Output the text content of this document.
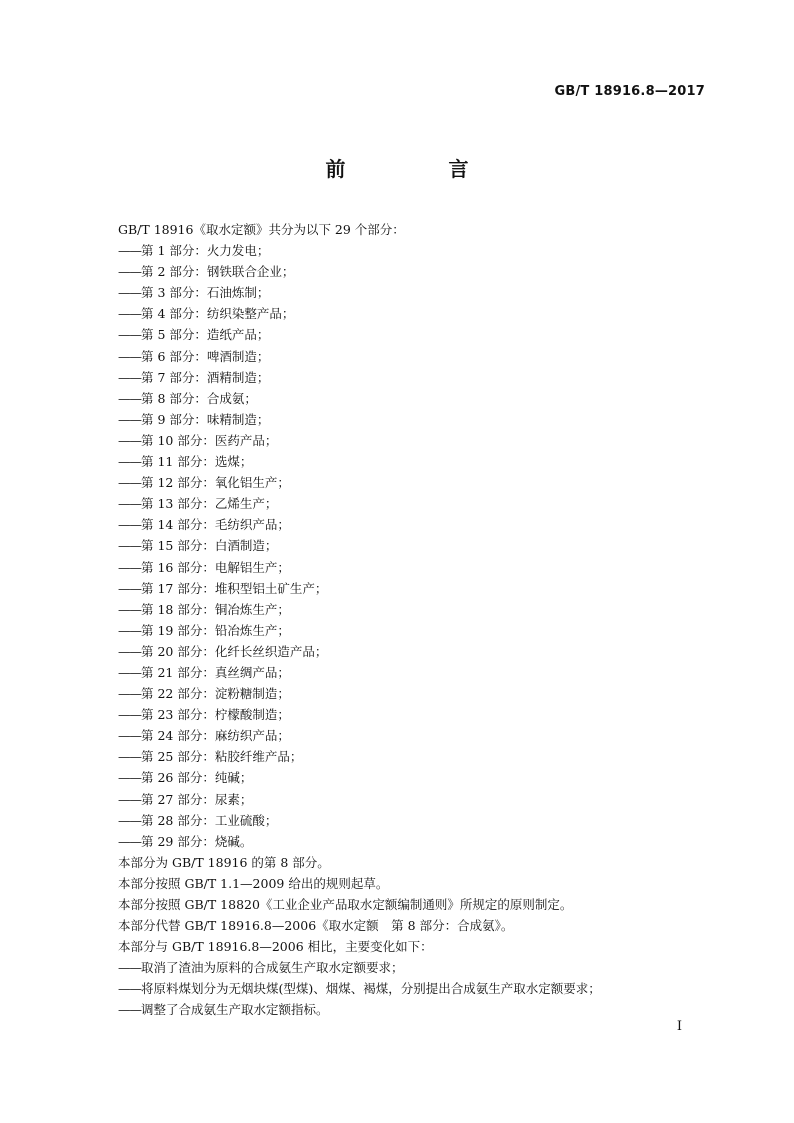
GB/T 18916.8—2017
前 言
GB/T 18916《取水定额》共分为以下 29 个部分：
——第 1 部分：火力发电；
——第 2 部分：钢铁联合企业；
——第 3 部分：石油炼制；
——第 4 部分：纺织染整产品；
——第 5 部分：造纸产品；
——第 6 部分：啤酒制造；
——第 7 部分：酒精制造；
——第 8 部分：合成氨；
——第 9 部分：味精制造；
——第 10 部分：医药产品；
——第 11 部分：选煤；
——第 12 部分：氧化铝生产；
——第 13 部分：乙烯生产；
——第 14 部分：毛纺织产品；
——第 15 部分：白酒制造；
——第 16 部分：电解铝生产；
——第 17 部分：堆积型铝土矿生产；
——第 18 部分：铜冶炼生产；
——第 19 部分：铅冶炼生产；
——第 20 部分：化纤长丝织造产品；
——第 21 部分：真丝绸产品；
——第 22 部分：淀粉糖制造；
——第 23 部分：柠檬酸制造；
——第 24 部分：麻纺织产品；
——第 25 部分：粘胶纤维产品；
——第 26 部分：纯碱；
——第 27 部分：尿素；
——第 28 部分：工业硫酸；
——第 29 部分：烧碱。
本部分为 GB/T 18916 的第 8 部分。
本部分按照 GB/T 1.1—2009 给出的规则起草。
本部分按照 GB/T 18820《工业企业产品取水定额编制通则》所规定的原则制定。
本部分代替 GB/T 18916.8—2006《取水定额　第 8 部分：合成氨》。
本部分与 GB/T 18916.8—2006 相比，主要变化如下：
——取消了渣油为原料的合成氨生产取水定额要求；
——将原料煤划分为无烟块煤(型煤)、烟煤、褐煤，分别提出合成氨生产取水定额要求；
——调整了合成氨生产取水定额指标。
I
